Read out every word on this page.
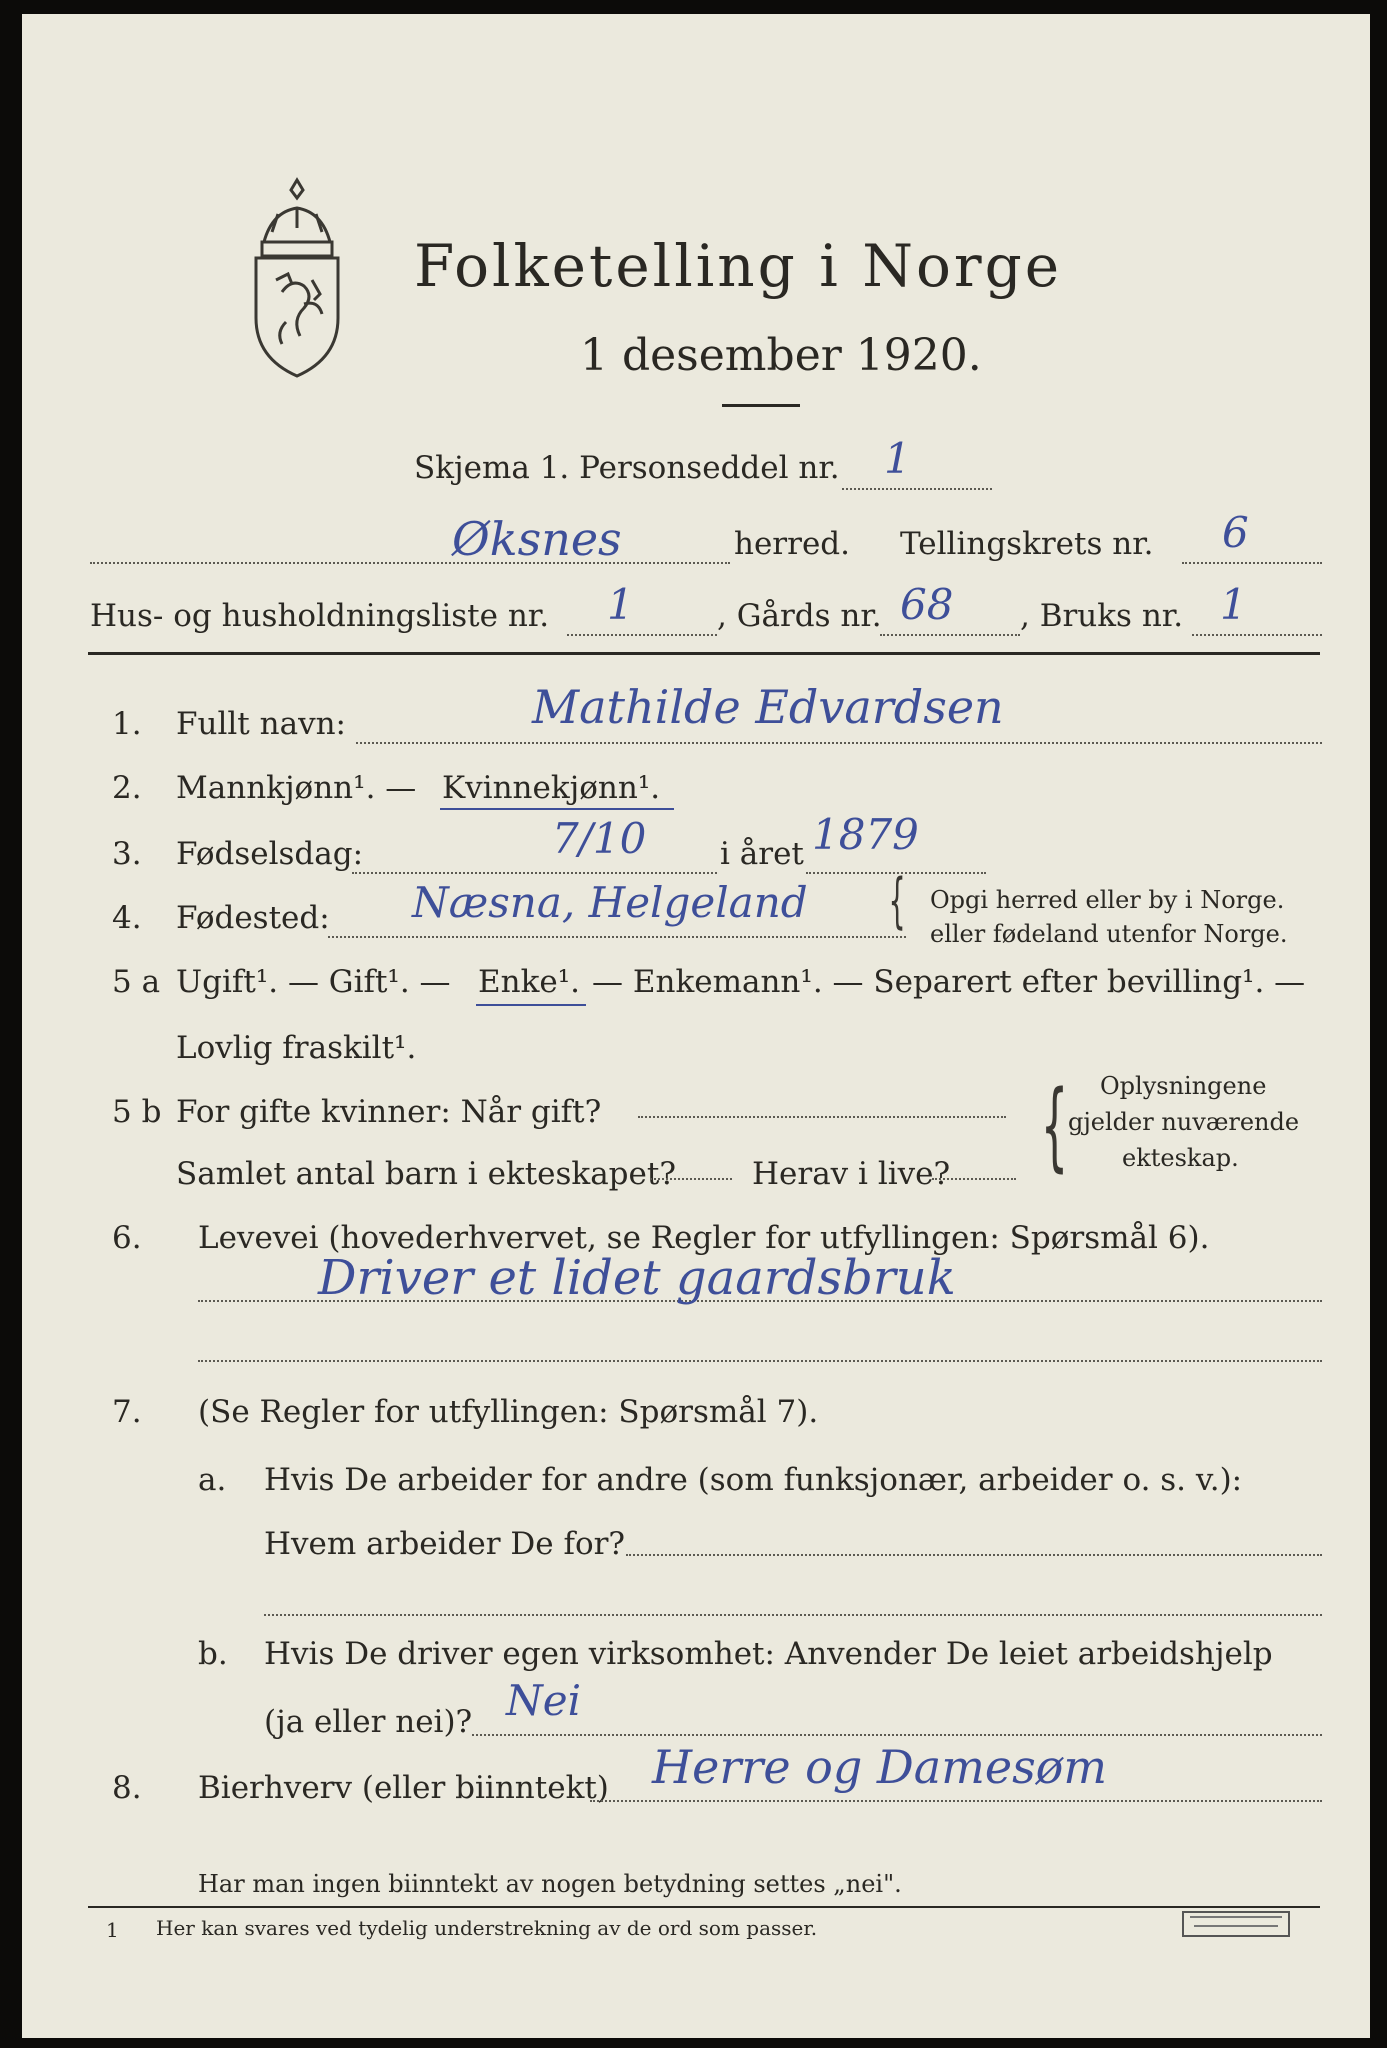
Folketelling i Norge
1 desember 1920.
Skjema 1. Personseddel nr. 1
Øksnes	herred. Tellingskrets nr. 6
Hus- og husholdningsliste nr. 1	, Gårds nr. 68 , Bruks nr. 1
1. Fullt navn:	Mathilde Edvardsen
2. Mannkjønn¹. — Kvinnekjønn¹.
3. Fødselsdag:	7/10 i året 1879
4. Fødested: Næsna, Helgeland { Opgi herred eller by i Norge.
eller fødeland utenfor Norge.
5 a Ugift¹. — Gift¹. — Enke¹. — Enkemann¹. — Separert efter bevilling¹. —
Lovlig fraskilt¹.
5 b For gifte kvinner: Når gift?
Samlet antal barn i ekteskapet? Herav i live? { Oplysningene
gjelder nuværende
ekteskap.
6. Levevei (hovederhvervet, se Regler for utfyllingen: Spørsmål 6).
Driver et lidet gaardsbruk
7. (Se Regler for utfyllingen: Spørsmål 7).
a. Hvis De arbeider for andre (som funksjonær, arbeider o. s. v.):
Hvem arbeider De for?
b. Hvis De driver egen virksomhet: Anvender De leiet arbeidshjelp
(ja eller nei)? Nei
8. Bierhverv (eller biinntekt) Herre og Damesøm
Har man ingen biinntekt av nogen betydning settes „nei".
1 Her kan svares ved tydelig understrekning av de ord som passer.
